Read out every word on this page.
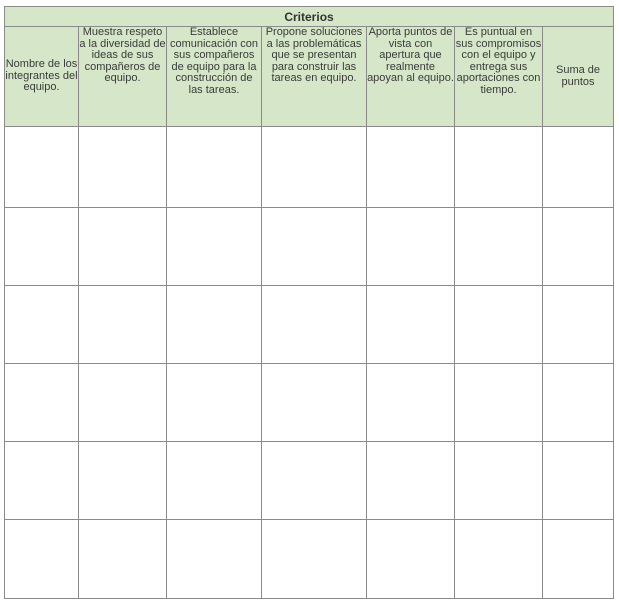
Criterios						
Nombre de los integrantes del equipo.	Muestra respeto a la diversidad de ideas de sus compañeros de equipo.	Establece comunicación con sus compañeros de equipo para la construcción de las tareas.	Propone soluciones a las problemáticas que se presentan para construir las tareas en equipo.	Aporta puntos de vista con apertura que realmente apoyan al equipo.	Es puntual en sus compromisos con el equipo y entrega sus aportaciones con tiempo.	Suma de puntos
